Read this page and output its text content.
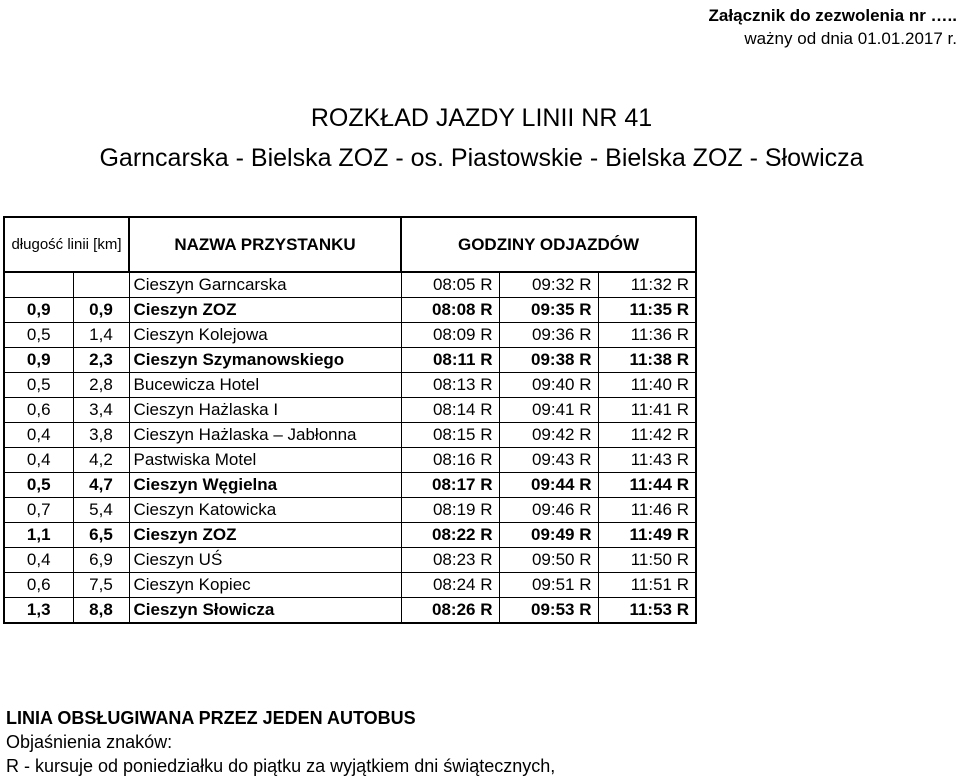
Załącznik do zezwolenia nr …..
ważny od dnia 01.01.2017 r.
ROZKŁAD JAZDY LINII NR 41
Garncarska - Bielska ZOZ - os. Piastowskie - Bielska ZOZ - Słowicza
długość linii [km]		NAZWA PRZYSTANKU	GODZINY ODJAZDÓW		
		Cieszyn Garncarska	08:05 R	09:32 R	11:32 R
0,9	0,9	Cieszyn ZOZ	08:08 R	09:35 R	11:35 R
0,5	1,4	Cieszyn Kolejowa	08:09 R	09:36 R	11:36 R
0,9	2,3	Cieszyn Szymanowskiego	08:11 R	09:38 R	11:38 R
0,5	2,8	Bucewicza Hotel	08:13 R	09:40 R	11:40 R
0,6	3,4	Cieszyn Hażlaska I	08:14 R	09:41 R	11:41 R
0,4	3,8	Cieszyn Hażlaska – Jabłonna	08:15 R	09:42 R	11:42 R
0,4	4,2	Pastwiska Motel	08:16 R	09:43 R	11:43 R
0,5	4,7	Cieszyn Węgielna	08:17 R	09:44 R	11:44 R
0,7	5,4	Cieszyn Katowicka	08:19 R	09:46 R	11:46 R
1,1	6,5	Cieszyn ZOZ	08:22 R	09:49 R	11:49 R
0,4	6,9	Cieszyn UŚ	08:23 R	09:50 R	11:50 R
0,6	7,5	Cieszyn Kopiec	08:24 R	09:51 R	11:51 R
1,3	8,8	Cieszyn Słowicza	08:26 R	09:53 R	11:53 R
LINIA OBSŁUGIWANA PRZEZ JEDEN AUTOBUS
Objaśnienia znaków:
R - kursuje od poniedziałku do piątku za wyjątkiem dni świątecznych,
